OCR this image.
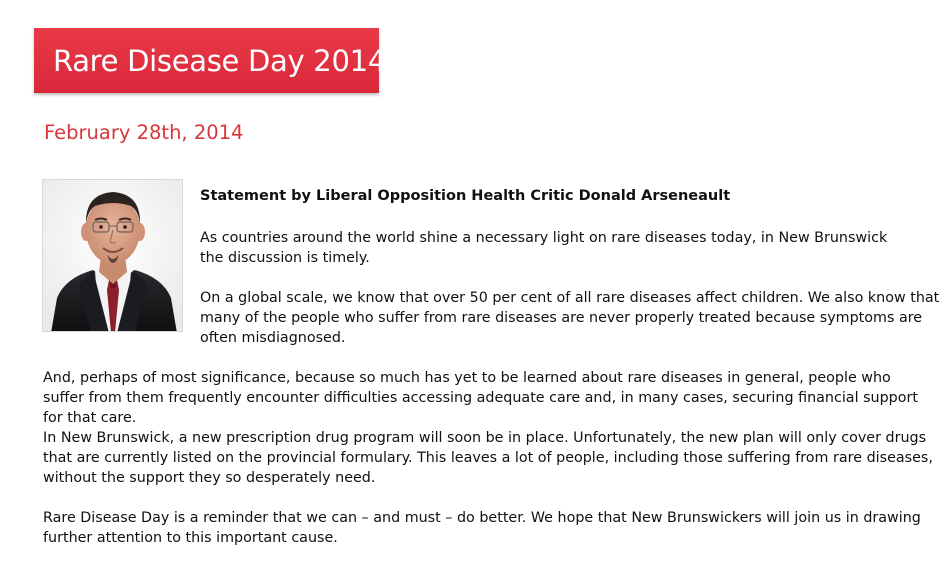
Rare Disease Day 2014
February 28th, 2014
Statement by Liberal Opposition Health Critic Donald Arseneault

As countries around the world shine a necessary light on rare diseases today, in New Brunswick the discussion is timely.

On a global scale, we know that over 50 per cent of all rare diseases affect children. We also know that many of the people who suffer from rare diseases are never properly treated because symptoms are often misdiagnosed.

And, perhaps of most significance, because so much has yet to be learned about rare diseases in general, people who suffer from them frequently encounter difficulties accessing adequate care and, in many cases, securing financial support for that care.

In New Brunswick, a new prescription drug program will soon be in place. Unfortunately, the new plan will only cover drugs that are currently listed on the provincial formulary. This leaves a lot of people, including those suffering from rare diseases, without the support they so desperately need.

Rare Disease Day is a reminder that we can – and must – do better. We hope that New Brunswickers will join us in drawing further attention to this important cause.
